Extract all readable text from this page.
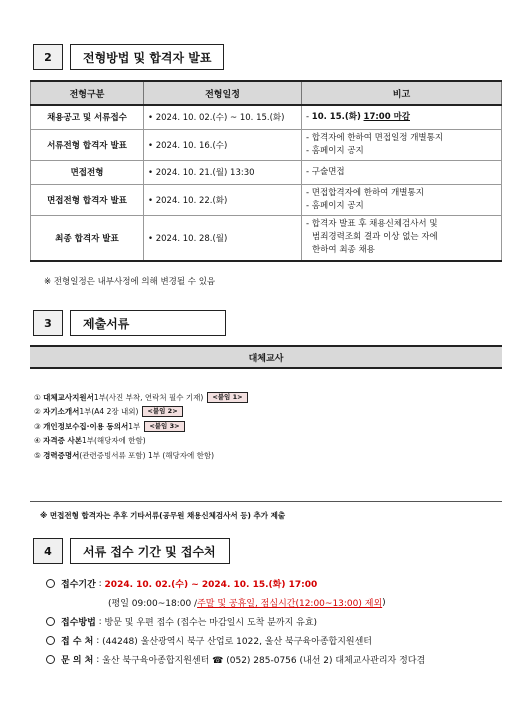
2	전형방법 및 합격자 발표
전형구분	전형일정	비고
채용공고 및 서류접수	• 2024. 10. 02.(수) ~ 10. 15.(화)	- 10. 15.(화) 17:00 마감
서류전형 합격자 발표	• 2024. 10. 16.(수)	- 합격자에 한하여 면접일정 개별통지
- 홈페이지 공지

면접전형	• 2024. 10. 21.(월) 13:30	- 구술면접

면접전형 합격자 발표	• 2024. 10. 22.(화)	- 면접합격자에 한하여 개별통지
- 홈페이지 공지

최종 합격자 발표	• 2024. 10. 28.(월)	- 합격자 발표 후 채용신체검사서 및
범죄경력조회 결과 이상 없는 자에
한하여 최종 채용
※ 전형일정은 내부사정에 의해 변경될 수 있음
3	제출서류
대체교사
①
대체교사지원서 1부(사진 부착, 연락처 필수 기재)	<붙임 1>
②
자기소개서 1부(A4 2장 내외)	<붙임 2>
③
개인정보수집·이용 동의서 1부	<붙임 3>
④
자격증 사본 1부(해당자에 한함)
⑤
경력증명서 (관련증빙서류 포함) 1부 (해당자에 한함)
※ 면접전형 합격자는 추후 기타서류(공무원 채용신체검사서 등) 추가 제출
4	서류 접수 기간 및 접수처
접수기간 : 2024. 10. 02.(수) ~ 2024. 10. 15.(화) 17:00
(평일 09:00~18:00 / 주말 및 공휴일, 점심시간(12:00~13:00) 제외 )
접수방법 : 방문 및 우편 접수 (접수는 마감일시 도착 분까지 유효)
접 수 처 : (44248) 울산광역시 북구 산업로 1022, 울산 북구육아종합지원센터
문 의 처 : 울산 북구육아종합지원센터 ☎ (052) 285-0756 (내선 2) 대체교사관리자 정다겸
